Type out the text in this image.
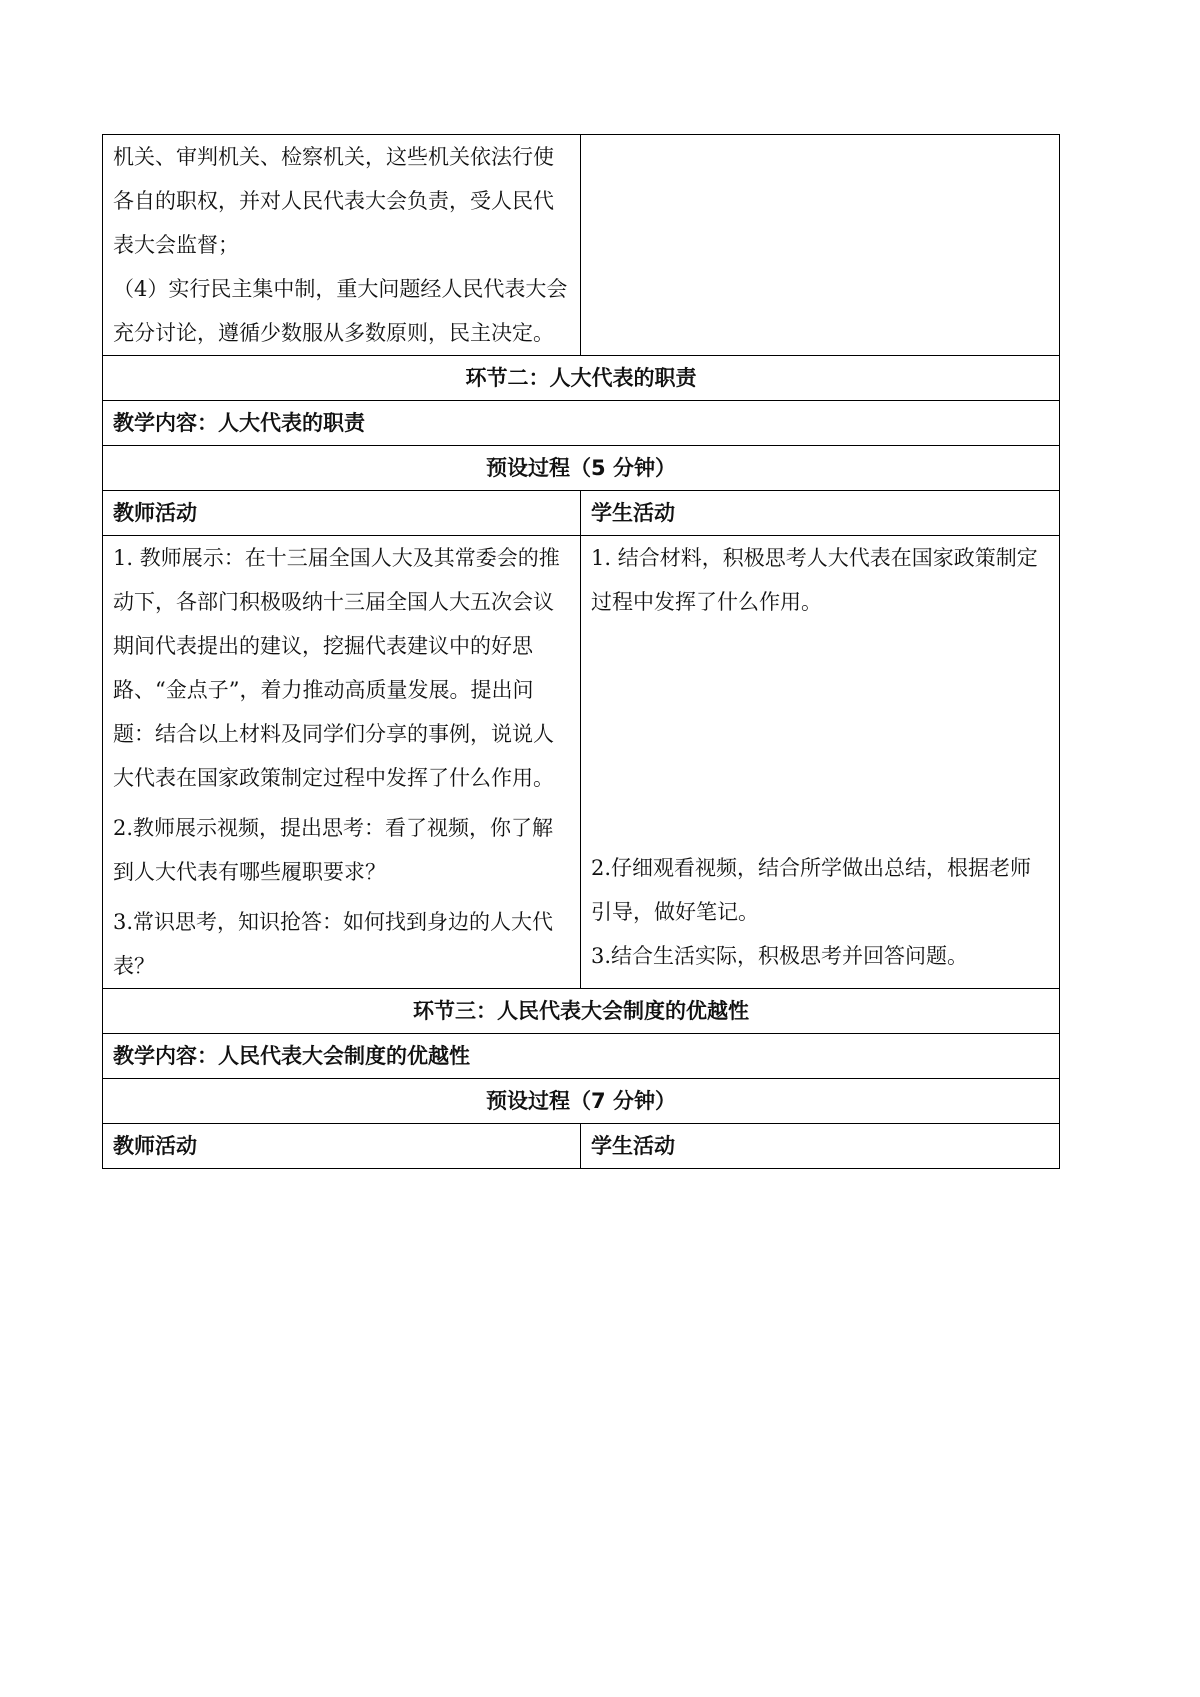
机关、审判机关、检察机关，这些机关依法行使各自的职权，并对人民代表大会负责，受人民代表大会监督；
（4）实行民主集中制，重大问题经人民代表大会充分讨论，遵循少数服从多数原则，民主决定。	

环节二：人大代表的职责	
教学内容：人大代表的职责	
预设过程（5 分钟）	
教师活动	学生活动

1. 教师展示：在十三届全国人大及其常委会的推动下，各部门积极吸纳十三届全国人大五次会议期间代表提出的建议，挖掘代表建议中的好思路、“金点子”，着力推动高质量发展。提出问题：结合以上材料及同学们分享的事例，说说人大代表在国家政策制定过程中发挥了什么作用。
2.教师展示视频，提出思考：看了视频，你了解到人大代表有哪些履职要求？
3.常识思考，知识抢答：如何找到身边的人大代表？	1. 结合材料，积极思考人大代表在国家政策制定过程中发挥了什么作用。
2.仔细观看视频，结合所学做出总结，根据老师引导，做好笔记。
3.结合生活实际，积极思考并回答问题。

环节三：人民代表大会制度的优越性	
教学内容：人民代表大会制度的优越性	
预设过程（7 分钟）	
教师活动	学生活动
